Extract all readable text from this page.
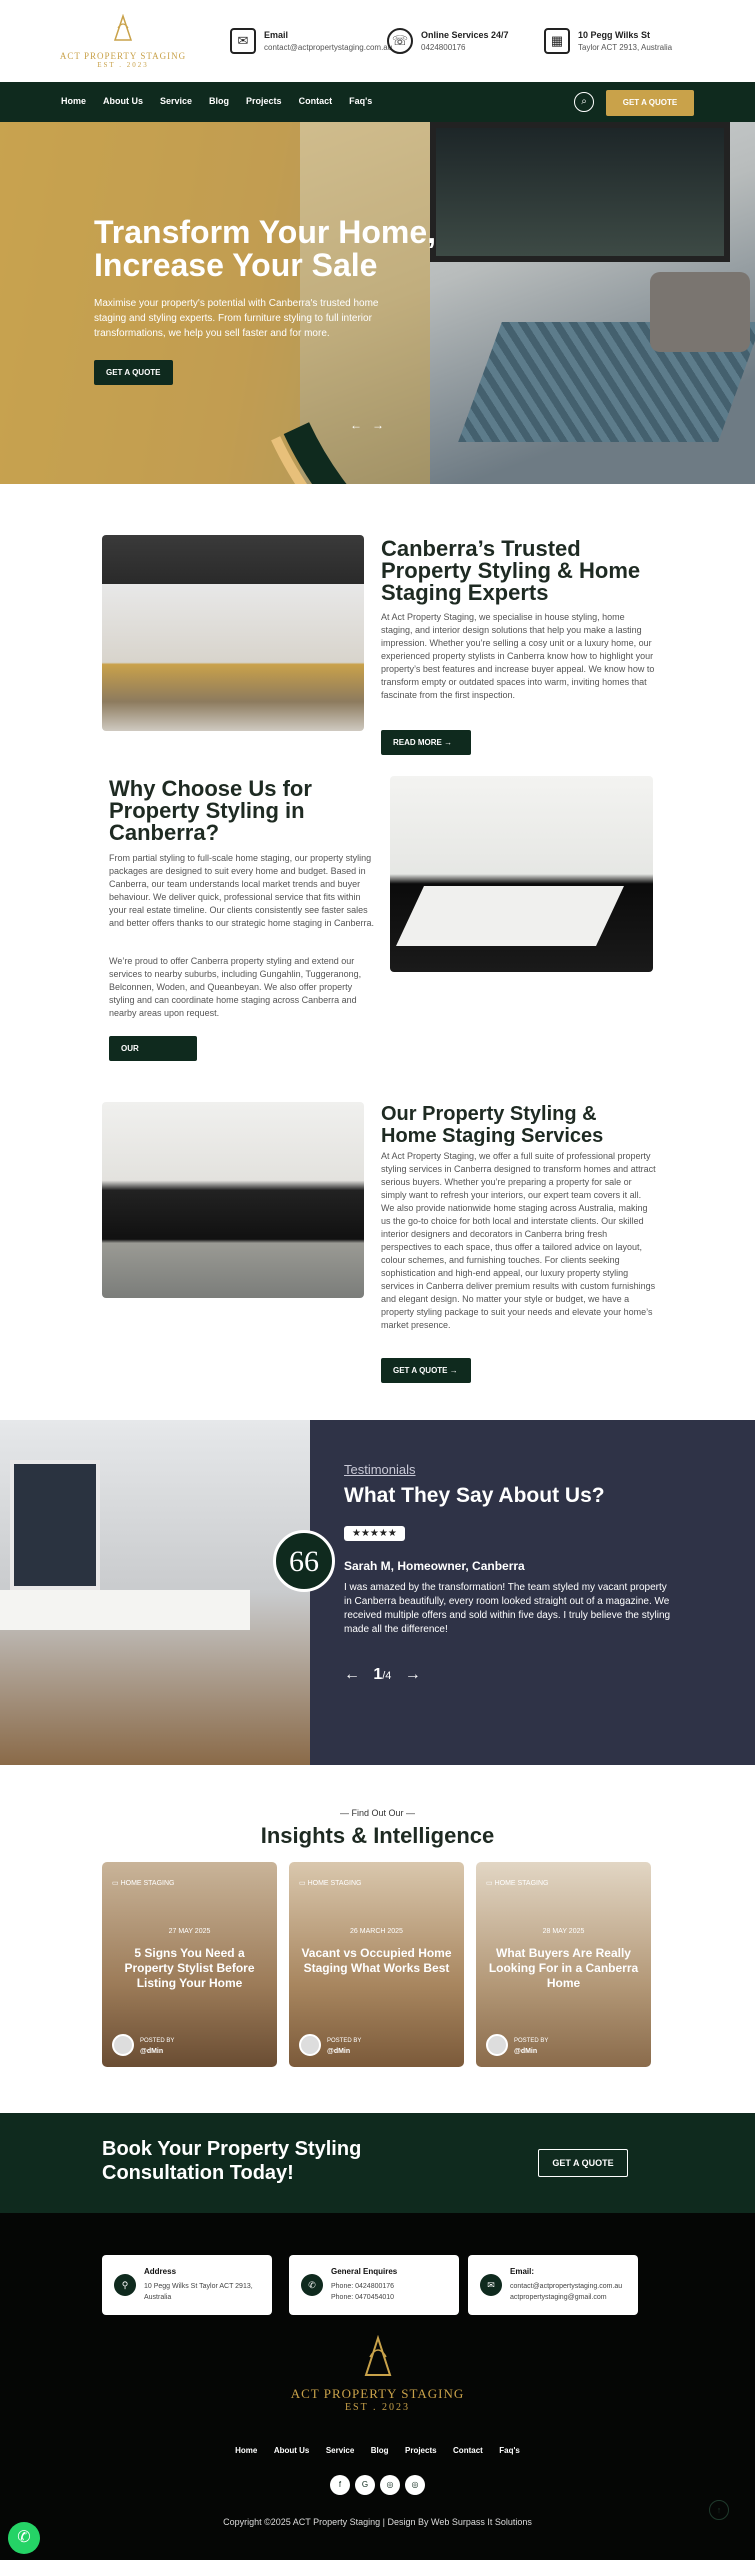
ACT PROPERTY STAGING
EST . 2023
✉	Email
contact@actpropertystaging.com.au ☏	Online Services 24/7
0424800176	▦	10 Pegg Wilks St
Taylor ACT 2913, Australia
Home About Us Service Blog Projects Contact Faq's	⌕	GET A QUOTE
Transform Your Home, Increase Your Sale

Maximise your property's potential with Canberra's trusted home staging and styling experts. From furniture styling to full interior transformations, we help you sell faster and for more.

GET A QUOTE
← →
Canberra’s Trusted Property Styling & Home Staging Experts
At Act Property Staging, we specialise in house styling, home staging, and interior design solutions that help you make a lasting impression. Whether you’re selling a cosy unit or a luxury home, our experienced property stylists in Canberra know how to highlight your property’s best features and increase buyer appeal. We know how to transform empty or outdated spaces into warm, inviting homes that fascinate from the first inspection.
READ MORE →
Why Choose Us for Property Styling in Canberra?
From partial styling to full-scale home staging, our property styling packages are designed to suit every home and budget. Based in Canberra, our team understands local market trends and buyer behaviour. We deliver quick, professional service that fits within your real estate timeline. Our clients consistently see faster sales and better offers thanks to our strategic home staging in Canberra.
We’re proud to offer Canberra property styling and extend our services to nearby suburbs, including Gungahlin, Tuggeranong, Belconnen, Woden, and Queanbeyan. We also offer property styling and can coordinate home staging across Canberra and nearby areas upon request.
OUR PORTFOLIO →
Our Property Styling & Home Staging Services
At Act Property Staging, we offer a full suite of professional property styling services in Canberra designed to transform homes and attract serious buyers. Whether you’re preparing a property for sale or simply want to refresh your interiors, our expert team covers it all. We also provide nationwide home staging across Australia, making us the go-to choice for both local and interstate clients. Our skilled interior designers and decorators in Canberra bring fresh perspectives to each space, thus offer a tailored advice on layout, colour schemes, and furnishing touches. For clients seeking sophistication and high-end appeal, our luxury property styling services in Canberra deliver premium results with custom furnishings and elegant design. No matter your style or budget, we have a property styling package to suit your needs and elevate your home’s market presence.
GET A QUOTE →
Testimonials
What They Say About Us?
★★★★★
Sarah M, Homeowner, Canberra
I was amazed by the transformation! The team styled my vacant property in Canberra beautifully, every room looked straight out of a magazine. We received multiple offers and sold within five days. I truly believe the styling made all the difference!
← 1/4 →
66
— Find Out Our —
Insights & Intelligence
▭ HOME STAGING
27 MAY 2025
5 Signs You Need a Property Stylist Before Listing Your Home
POSTED BY
@dMin
▭ HOME STAGING
26 MARCH 2025
Vacant vs Occupied Home Staging What Works Best
POSTED BY
@dMin
▭ HOME STAGING
28 MAY 2025
What Buyers Are Really Looking For in a Canberra Home
POSTED BY
@dMin
Book Your Property Styling Consultation Today!	GET A QUOTE
⚲
Address
10 Pegg Wilks St Taylor ACT 2913, Australia
✆
General Enquires
Phone: 0424800176
Phone: 0470454010
✉
Email:
contact@actpropertystaging.com.au
actpropertystaging@gmail.com
ACT PROPERTY STAGING
EST . 2023
Home About Us Service Blog Projects Contact Faq's
f	G	◎	◎
Copyright ©2025 ACT Property Staging | Design By Web Surpass It Solutions
✆
↑
